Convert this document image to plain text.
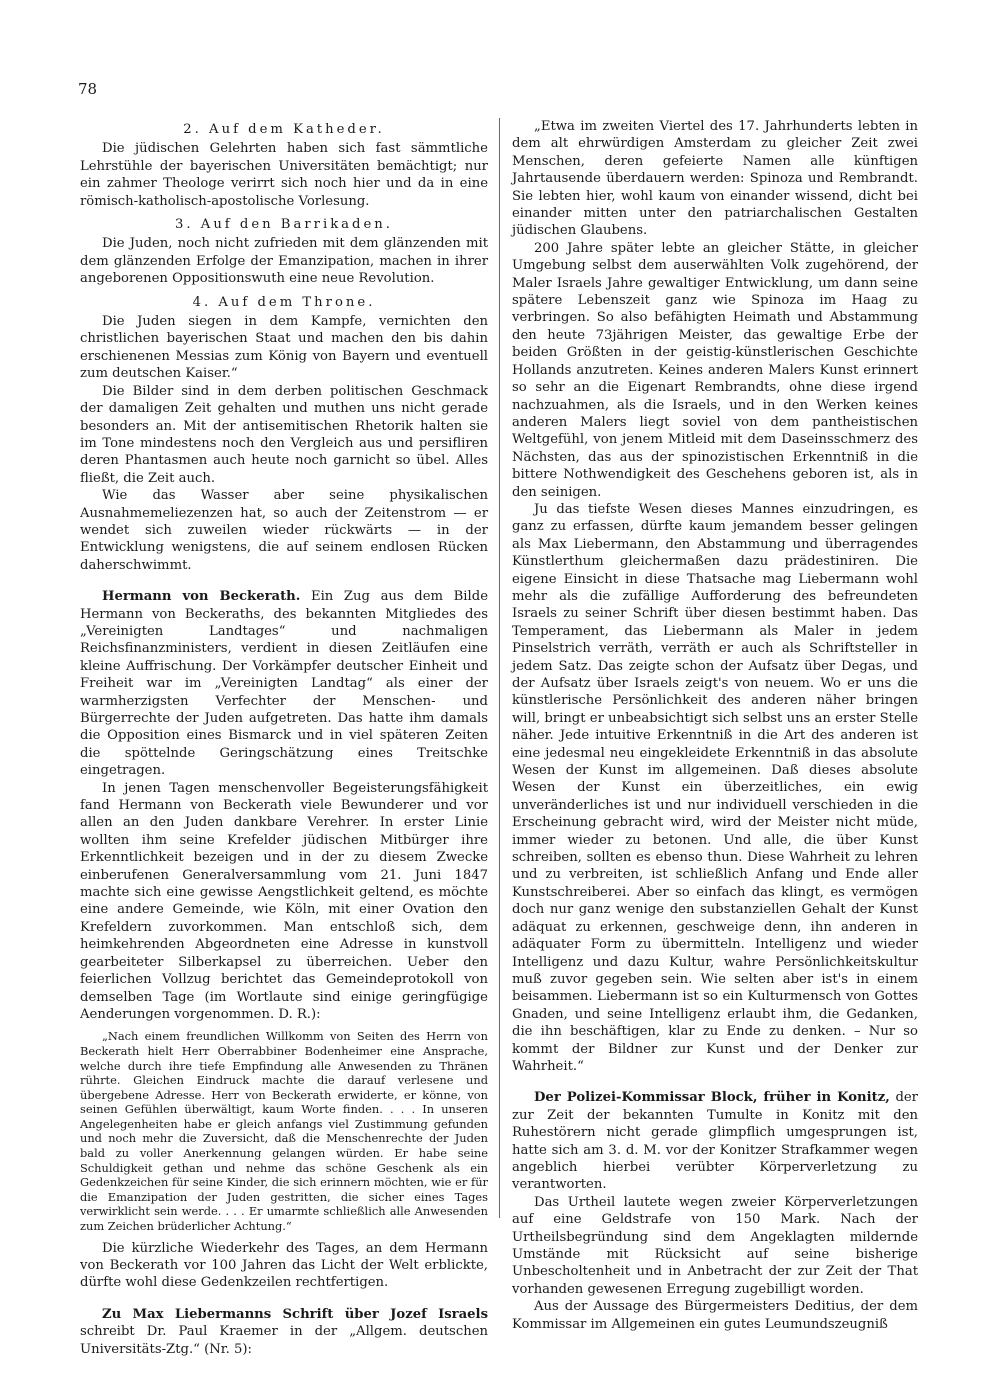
78

2. Auf dem Katheder.

Die jüdischen Gelehrten haben sich fast sämmtliche Lehrstühle der bayerischen Universitäten bemächtigt; nur ein zahmer Theologe verirrt sich noch hier und da in eine römisch-katholisch-apostolische Vorlesung.

3. Auf den Barrikaden.

Die Juden, noch nicht zufrieden mit dem glänzenden mit dem glänzenden Erfolge der Emanzipation, machen in ihrer angeborenen Oppositionswuth eine neue Revolution.

4. Auf dem Throne.

Die Juden siegen in dem Kampfe, vernichten den christlichen bayerischen Staat und machen den bis dahin erschienenen Messias zum König von Bayern und eventuell zum deutschen Kaiser.“

Die Bilder sind in dem derben politischen Geschmack der damaligen Zeit gehalten und muthen uns nicht gerade besonders an. Mit der antisemitischen Rhetorik halten sie im Tone mindestens noch den Vergleich aus und persifliren deren Phantasmen auch heute noch garnicht so übel. Alles fließt, die Zeit auch.

Wie das Wasser aber seine physikalischen Ausnahmemeliezenzen hat, so auch der Zeitenstrom — er wendet sich zuweilen wieder rückwärts — in der Entwicklung wenigstens, die auf seinem endlosen Rücken daherschwimmt.

Hermann von Beckerath. Ein Zug aus dem Bilde Hermann von Beckeraths, des bekannten Mitgliedes des „Vereinigten Landtages“ und nachmaligen Reichsfinanzministers, verdient in diesen Zeitläufen eine kleine Auffrischung. Der Vorkämpfer deutscher Einheit und Freiheit war im „Vereinigten Landtag“ als einer der warmherzigsten Verfechter der Menschen- und Bürgerrechte der Juden aufgetreten. Das hatte ihm damals die Opposition eines Bismarck und in viel späteren Zeiten die spöttelnde Geringschätzung eines Treitschke eingetragen.

In jenen Tagen menschenvoller Begeisterungsfähigkeit fand Hermann von Beckerath viele Bewunderer und vor allen an den Juden dankbare Verehrer. In erster Linie wollten ihm seine Krefelder jüdischen Mitbürger ihre Erkenntlichkeit bezeigen und in der zu diesem Zwecke einberufenen Generalversammlung vom 21. Juni 1847 machte sich eine gewisse Aengstlichkeit geltend, es möchte eine andere Gemeinde, wie Köln, mit einer Ovation den Krefeldern zuvorkommen. Man entschloß sich, dem heimkehrenden Abgeordneten eine Adresse in kunstvoll gearbeiteter Silberkapsel zu überreichen. Ueber den feierlichen Vollzug berichtet das Gemeindeprotokoll von demselben Tage (im Wortlaute sind einige geringfügige Aenderungen vorgenommen. D. R.):

„Nach einem freundlichen Willkomm von Seiten des Herrn von Beckerath hielt Herr Oberrabbiner Bodenheimer eine Ansprache, welche durch ihre tiefe Empfindung alle Anwesenden zu Thränen rührte. Gleichen Eindruck machte die darauf verlesene und übergebene Adresse. Herr von Beckerath erwiderte, er könne, von seinen Gefühlen überwältigt, kaum Worte finden. . . . In unseren Angelegenheiten habe er gleich anfangs viel Zustimmung gefunden und noch mehr die Zuversicht, daß die Menschenrechte der Juden bald zu voller Anerkennung gelangen würden. Er habe seine Schuldigkeit gethan und nehme das schöne Geschenk als ein Gedenkzeichen für seine Kinder, die sich erinnern möchten, wie er für die Emanzipation der Juden gestritten, die sicher eines Tages verwirklicht sein werde. . . . Er umarmte schließlich alle Anwesenden zum Zeichen brüderlicher Achtung.“

Die kürzliche Wiederkehr des Tages, an dem Hermann von Beckerath vor 100 Jahren das Licht der Welt erblickte, dürfte wohl diese Gedenkzeilen rechtfertigen.

Zu Max Liebermanns Schrift über Jozef Israels schreibt Dr. Paul Kraemer in der „Allgem. deutschen Universitäts-Ztg.“ (Nr. 5):

„Etwa im zweiten Viertel des 17. Jahrhunderts lebten in dem alt ehrwürdigen Amsterdam zu gleicher Zeit zwei Menschen, deren gefeierte Namen alle künftigen Jahrtausende überdauern werden: Spinoza und Rembrandt. Sie lebten hier, wohl kaum von einander wissend, dicht bei einander mitten unter den patriarchalischen Gestalten jüdischen Glaubens.

200 Jahre später lebte an gleicher Stätte, in gleicher Umgebung selbst dem auserwählten Volk zugehörend, der Maler Israels Jahre gewaltiger Entwicklung, um dann seine spätere Lebenszeit ganz wie Spinoza im Haag zu verbringen. So also befähigten Heimath und Abstammung den heute 73jährigen Meister, das gewaltige Erbe der beiden Größten in der geistig-künstlerischen Geschichte Hollands anzutreten. Keines anderen Malers Kunst erinnert so sehr an die Eigenart Rembrandts, ohne diese irgend nachzuahmen, als die Israels, und in den Werken keines anderen Malers liegt soviel von dem pantheistischen Weltgefühl, von jenem Mitleid mit dem Daseinsschmerz des Nächsten, das aus der spinozistischen Erkenntniß in die bittere Nothwendigkeit des Geschehens geboren ist, als in den seinigen.

Ju das tiefste Wesen dieses Mannes einzudringen, es ganz zu erfassen, dürfte kaum jemandem besser gelingen als Max Liebermann, den Abstammung und überragendes Künstlerthum gleichermaßen dazu prädestiniren. Die eigene Einsicht in diese Thatsache mag Liebermann wohl mehr als die zufällige Aufforderung des befreundeten Israels zu seiner Schrift über diesen bestimmt haben. Das Temperament, das Liebermann als Maler in jedem Pinselstrich verräth, verräth er auch als Schriftsteller in jedem Satz. Das zeigte schon der Aufsatz über Degas, und der Aufsatz über Israels zeigt's von neuem. Wo er uns die künstlerische Persönlichkeit des anderen näher bringen will, bringt er unbeabsichtigt sich selbst uns an erster Stelle näher. Jede intuitive Erkenntniß in die Art des anderen ist eine jedesmal neu eingekleidete Erkenntniß in das absolute Wesen der Kunst im allgemeinen. Daß dieses absolute Wesen der Kunst ein überzeitliches, ein ewig unveränderliches ist und nur individuell verschieden in die Erscheinung gebracht wird, wird der Meister nicht müde, immer wieder zu betonen. Und alle, die über Kunst schreiben, sollten es ebenso thun. Diese Wahrheit zu lehren und zu verbreiten, ist schließlich Anfang und Ende aller Kunstschreiberei. Aber so einfach das klingt, es vermögen doch nur ganz wenige den substanziellen Gehalt der Kunst adäquat zu erkennen, geschweige denn, ihn anderen in adäquater Form zu übermitteln. Intelligenz und wieder Intelligenz und dazu Kultur, wahre Persönlichkeitskultur muß zuvor gegeben sein. Wie selten aber ist's in einem beisammen. Liebermann ist so ein Kulturmensch von Gottes Gnaden, und seine Intelligenz erlaubt ihm, die Gedanken, die ihn beschäftigen, klar zu Ende zu denken. – Nur so kommt der Bildner zur Kunst und der Denker zur Wahrheit.“

Der Polizei-Kommissar Block, früher in Konitz, der zur Zeit der bekannten Tumulte in Konitz mit den Ruhestörern nicht gerade glimpflich umgesprungen ist, hatte sich am 3. d. M. vor der Konitzer Strafkammer wegen angeblich hierbei verübter Körperverletzung zu verantworten.

Das Urtheil lautete wegen zweier Körperverletzungen auf eine Geldstrafe von 150 Mark. Nach der Urtheilsbegründung sind dem Angeklagten mildernde Umstände mit Rücksicht auf seine bisherige Unbescholtenheit und in Anbetracht der zur Zeit der That vorhanden gewesenen Erregung zugebilligt worden.

Aus der Aussage des Bürgermeisters Deditius, der dem Kommissar im Allgemeinen ein gutes Leumundszeugniß
